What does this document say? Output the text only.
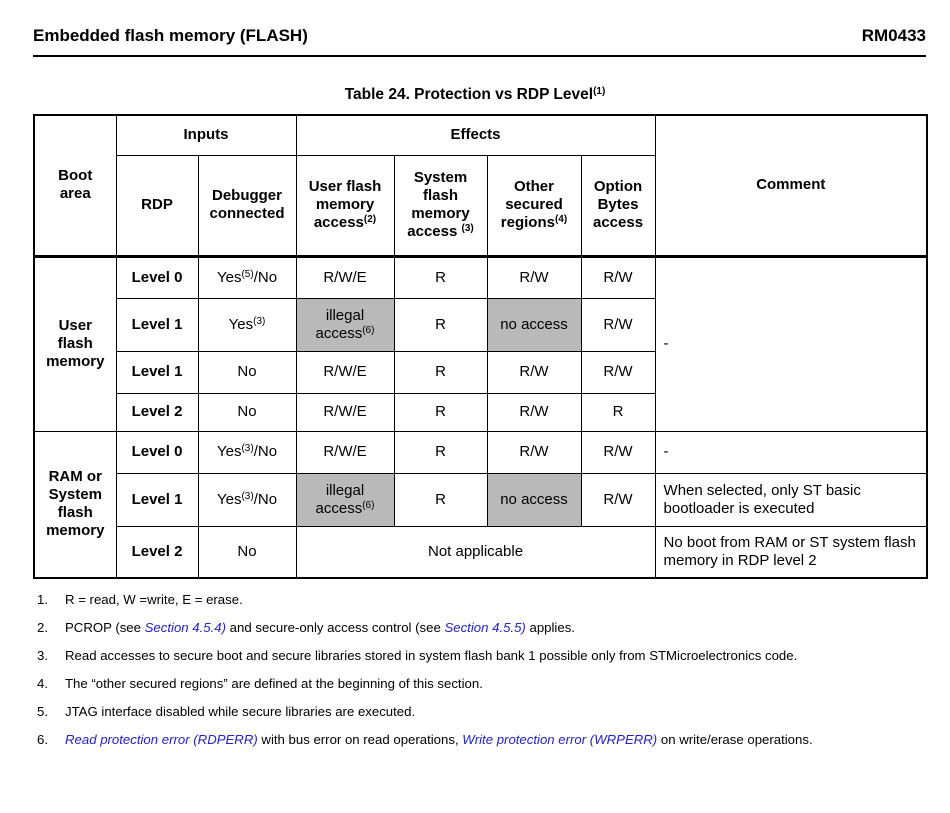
Embedded flash memory (FLASH)	RM0433
Table 24. Protection vs RDP Level$^{(1)}$
Boot area	Inputs		Effects				Comment
	RDP	Debugger connected	User flash memory access$^{(2)}$	System flash memory access $^{(3)}$	Other secured regions$^{(4)}$	Option Bytes access	
User flash memory	Level 0	Yes$^{(5)}$/No	R/W/E	R	R/W	R/W	-
	Level 1	Yes$^{(3)}$	illegal access$^{(6)}$	R	no access	R/W	
	Level 1	No	R/W/E	R	R/W	R/W	
	Level 2	No	R/W/E	R	R/W	R	
RAM or System flash memory	Level 0	Yes$^{(3)}$/No	R/W/E	R	R/W	R/W	-
	Level 1	Yes$^{(3)}$/No	illegal access$^{(6)}$	R	no access	R/W	When selected, only ST basic bootloader is executed
	Level 2	No	Not applicable				No boot from RAM or ST system flash memory in RDP level 2
1.	R = read, W =write, E = erase.
2.	PCROP (see Section 4.5.4) and secure-only access control (see Section 4.5.5) applies.
3.	Read accesses to secure boot and secure libraries stored in system flash bank 1 possible only from STMicroelectronics code.
4.	The “other secured regions” are defined at the beginning of this section.
5.	JTAG interface disabled while secure libraries are executed.
6.	Read protection error (RDPERR) with bus error on read operations, Write protection error (WRPERR) on write/erase operations.
